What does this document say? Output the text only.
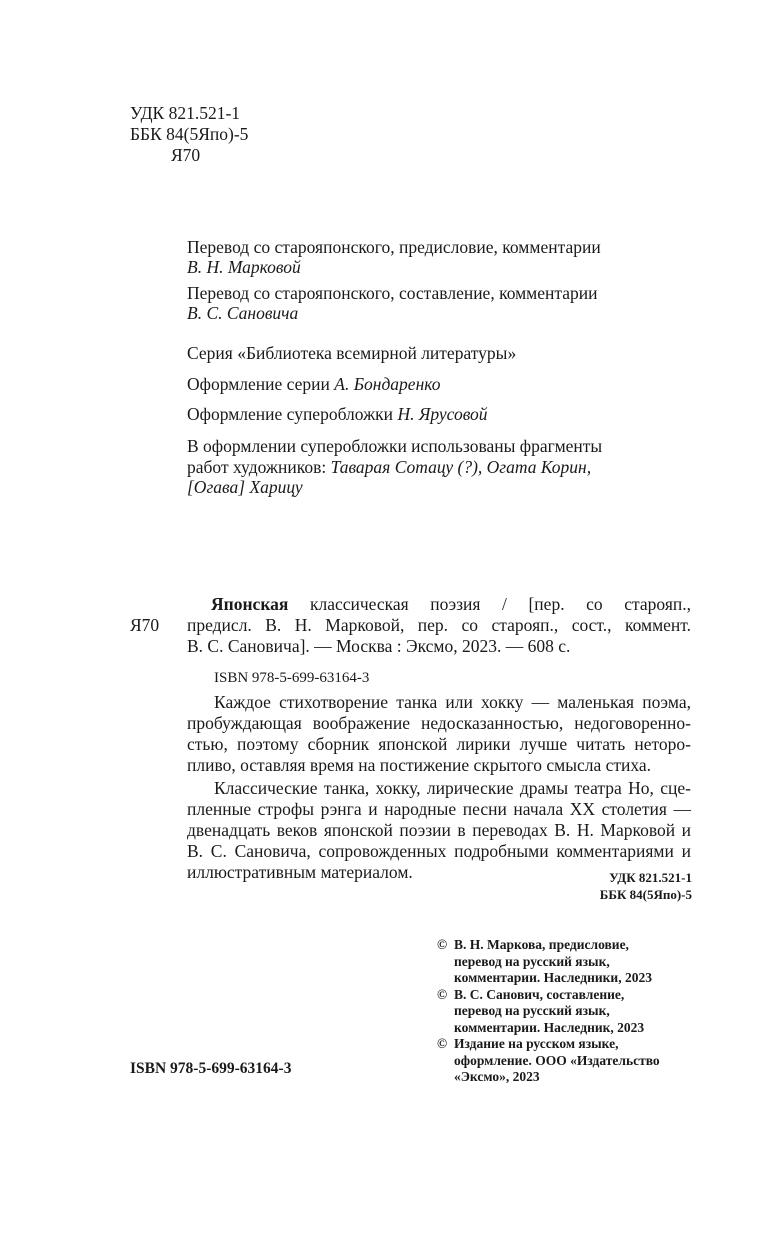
УДК 821.521-1
ББК 84(5Япо)-5
Я70
Перевод со старояпонского, предисловие, комментарии
В. Н. Марковой
Перевод со старояпонского, составление, комментарии
В. С. Сановича
Серия «Библиотека всемирной литературы»
Оформление серии А. Бондаренко
Оформление суперобложки Н. Ярусовой
В оформлении суперобложки использованы фрагменты
работ художников: Таварая Сотацу (?), Огата Корин,
[Огава] Харицу
Я70
Японская классическая поэзия / [пер. со старояп.,
предисл. В. Н. Марковой, пер. со старояп., сост., коммент.
В. С. Сановича]. — Москва : Эксмо, 2023. — 608 с.
ISBN 978-5-699-63164-3
Каждое стихотворение танка или хокку — маленькая поэма,
пробуждающая воображение недосказанностью, недоговоренно-
стью, поэтому сборник японской лирики лучше читать неторо-
пливо, оставляя время на постижение скрытого смысла стиха.
Классические танка, хокку, лирические драмы театра Но, сце-
пленные строфы рэнга и народные песни начала XX столетия —
двенадцать веков японской поэзии в переводах В. Н. Марковой и
В. С. Сановича, сопровожденных подробными комментариями и
иллюстративным материалом.	УДК 821.521-1
ББК 84(5Япо)-5
© В. Н. Маркова, предисловие,
перевод на русский язык,
комментарии. Наследники, 2023
© В. С. Санович, составление,
перевод на русский язык,
комментарии. Наследник, 2023
© Издание на русском языке,
оформление. ООО «Издательство
«Эксмо», 2023
ISBN 978-5-699-63164-3
